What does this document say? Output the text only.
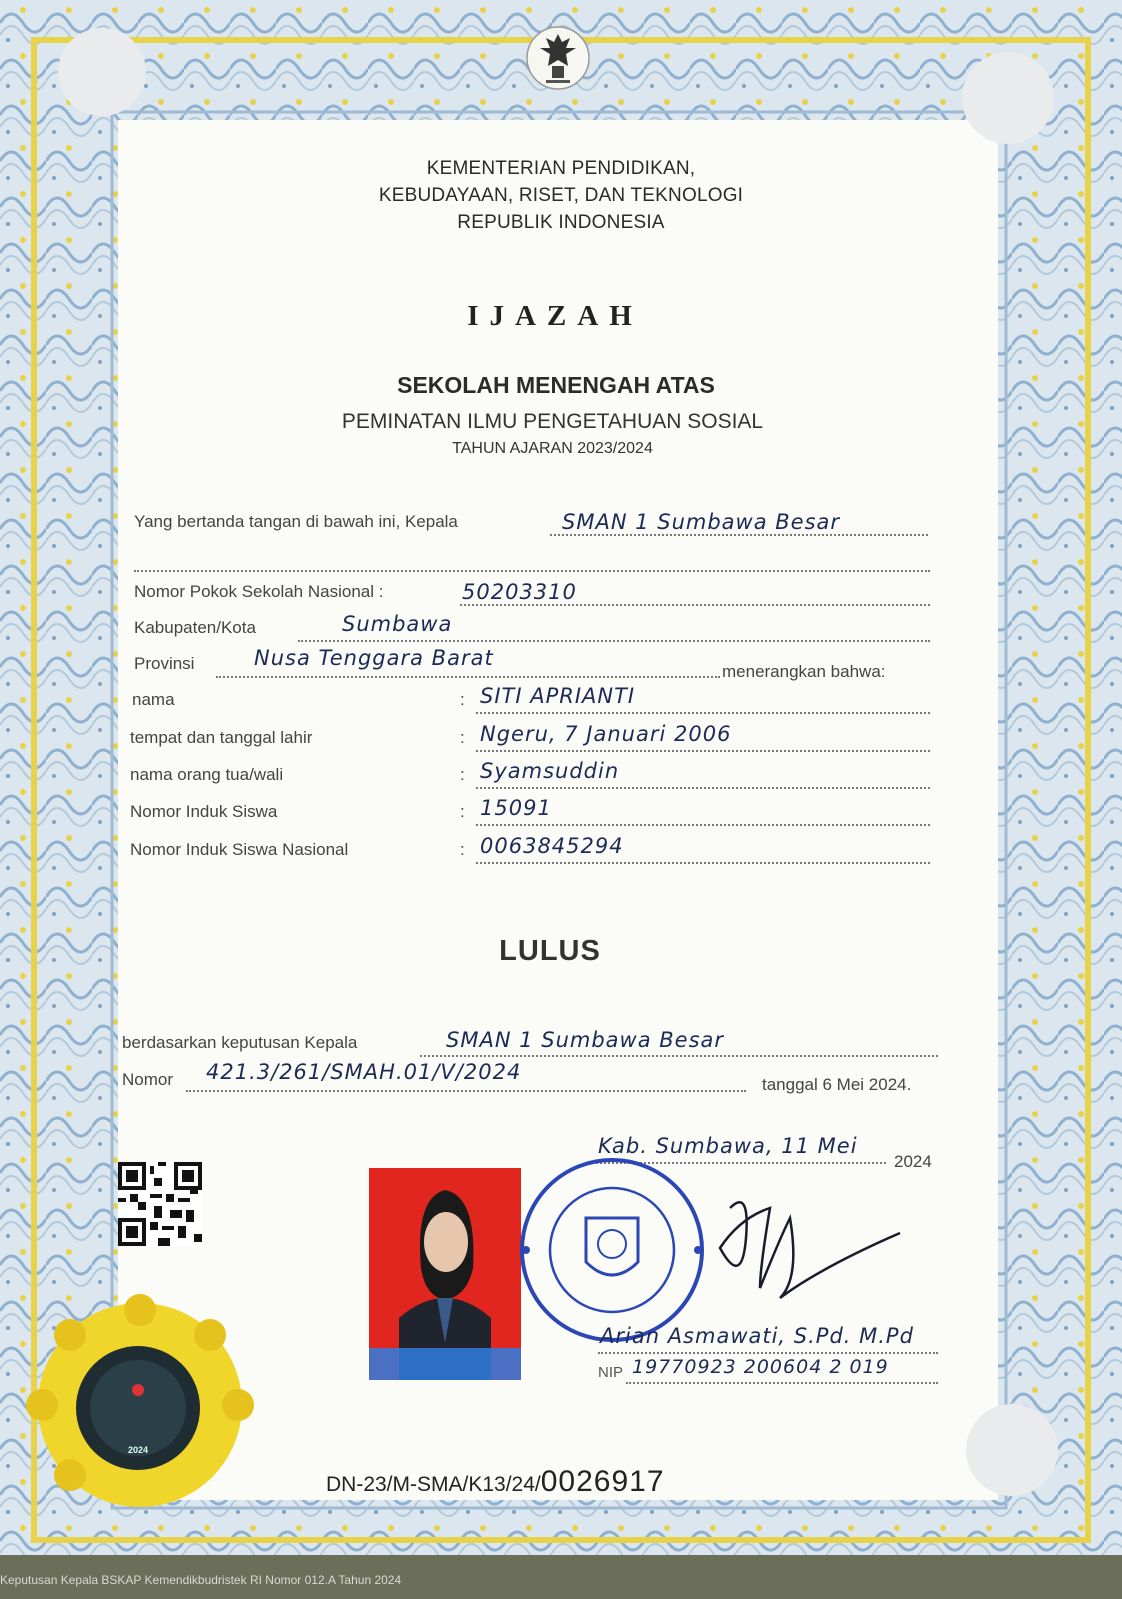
KEMENTERIAN PENDIDIKAN,
KEBUDAYAAN, RISET, DAN TEKNOLOGI
REPUBLIK INDONESIA
IJAZAH
SEKOLAH MENENGAH ATAS
PEMINATAN ILMU PENGETAHUAN SOSIAL
TAHUN AJARAN 2023/2024
Yang bertanda tangan di bawah ini, Kepala	SMAN 1 Sumbawa Besar
Nomor Pokok Sekolah Nasional :	50203310
Kabupaten/Kota	Sumbawa
Provinsi	Nusa Tenggara Barat
menerangkan bahwa:
nama	: SITI APRIANTI
tempat dan tanggal lahir	: Ngeru, 7 Januari 2006
nama orang tua/wali	: Syamsuddin
Nomor Induk Siswa	: 15091
Nomor Induk Siswa Nasional	: 0063845294
LULUS
berdasarkan keputusan Kepala	SMAN 1 Sumbawa Besar
Nomor 421.3/261/SMAH.01/V/2024
tanggal 6 Mei 2024.
Kab. Sumbawa, 11 Mei
2024
2024
Arian Asmawati, S.Pd. M.Pd
NIP 19770923 200604 2 019
DN-23/M-SMA/K13/24/0026917
Keputusan Kepala BSKAP Kemendikbudristek RI Nomor 012.A Tahun 2024
